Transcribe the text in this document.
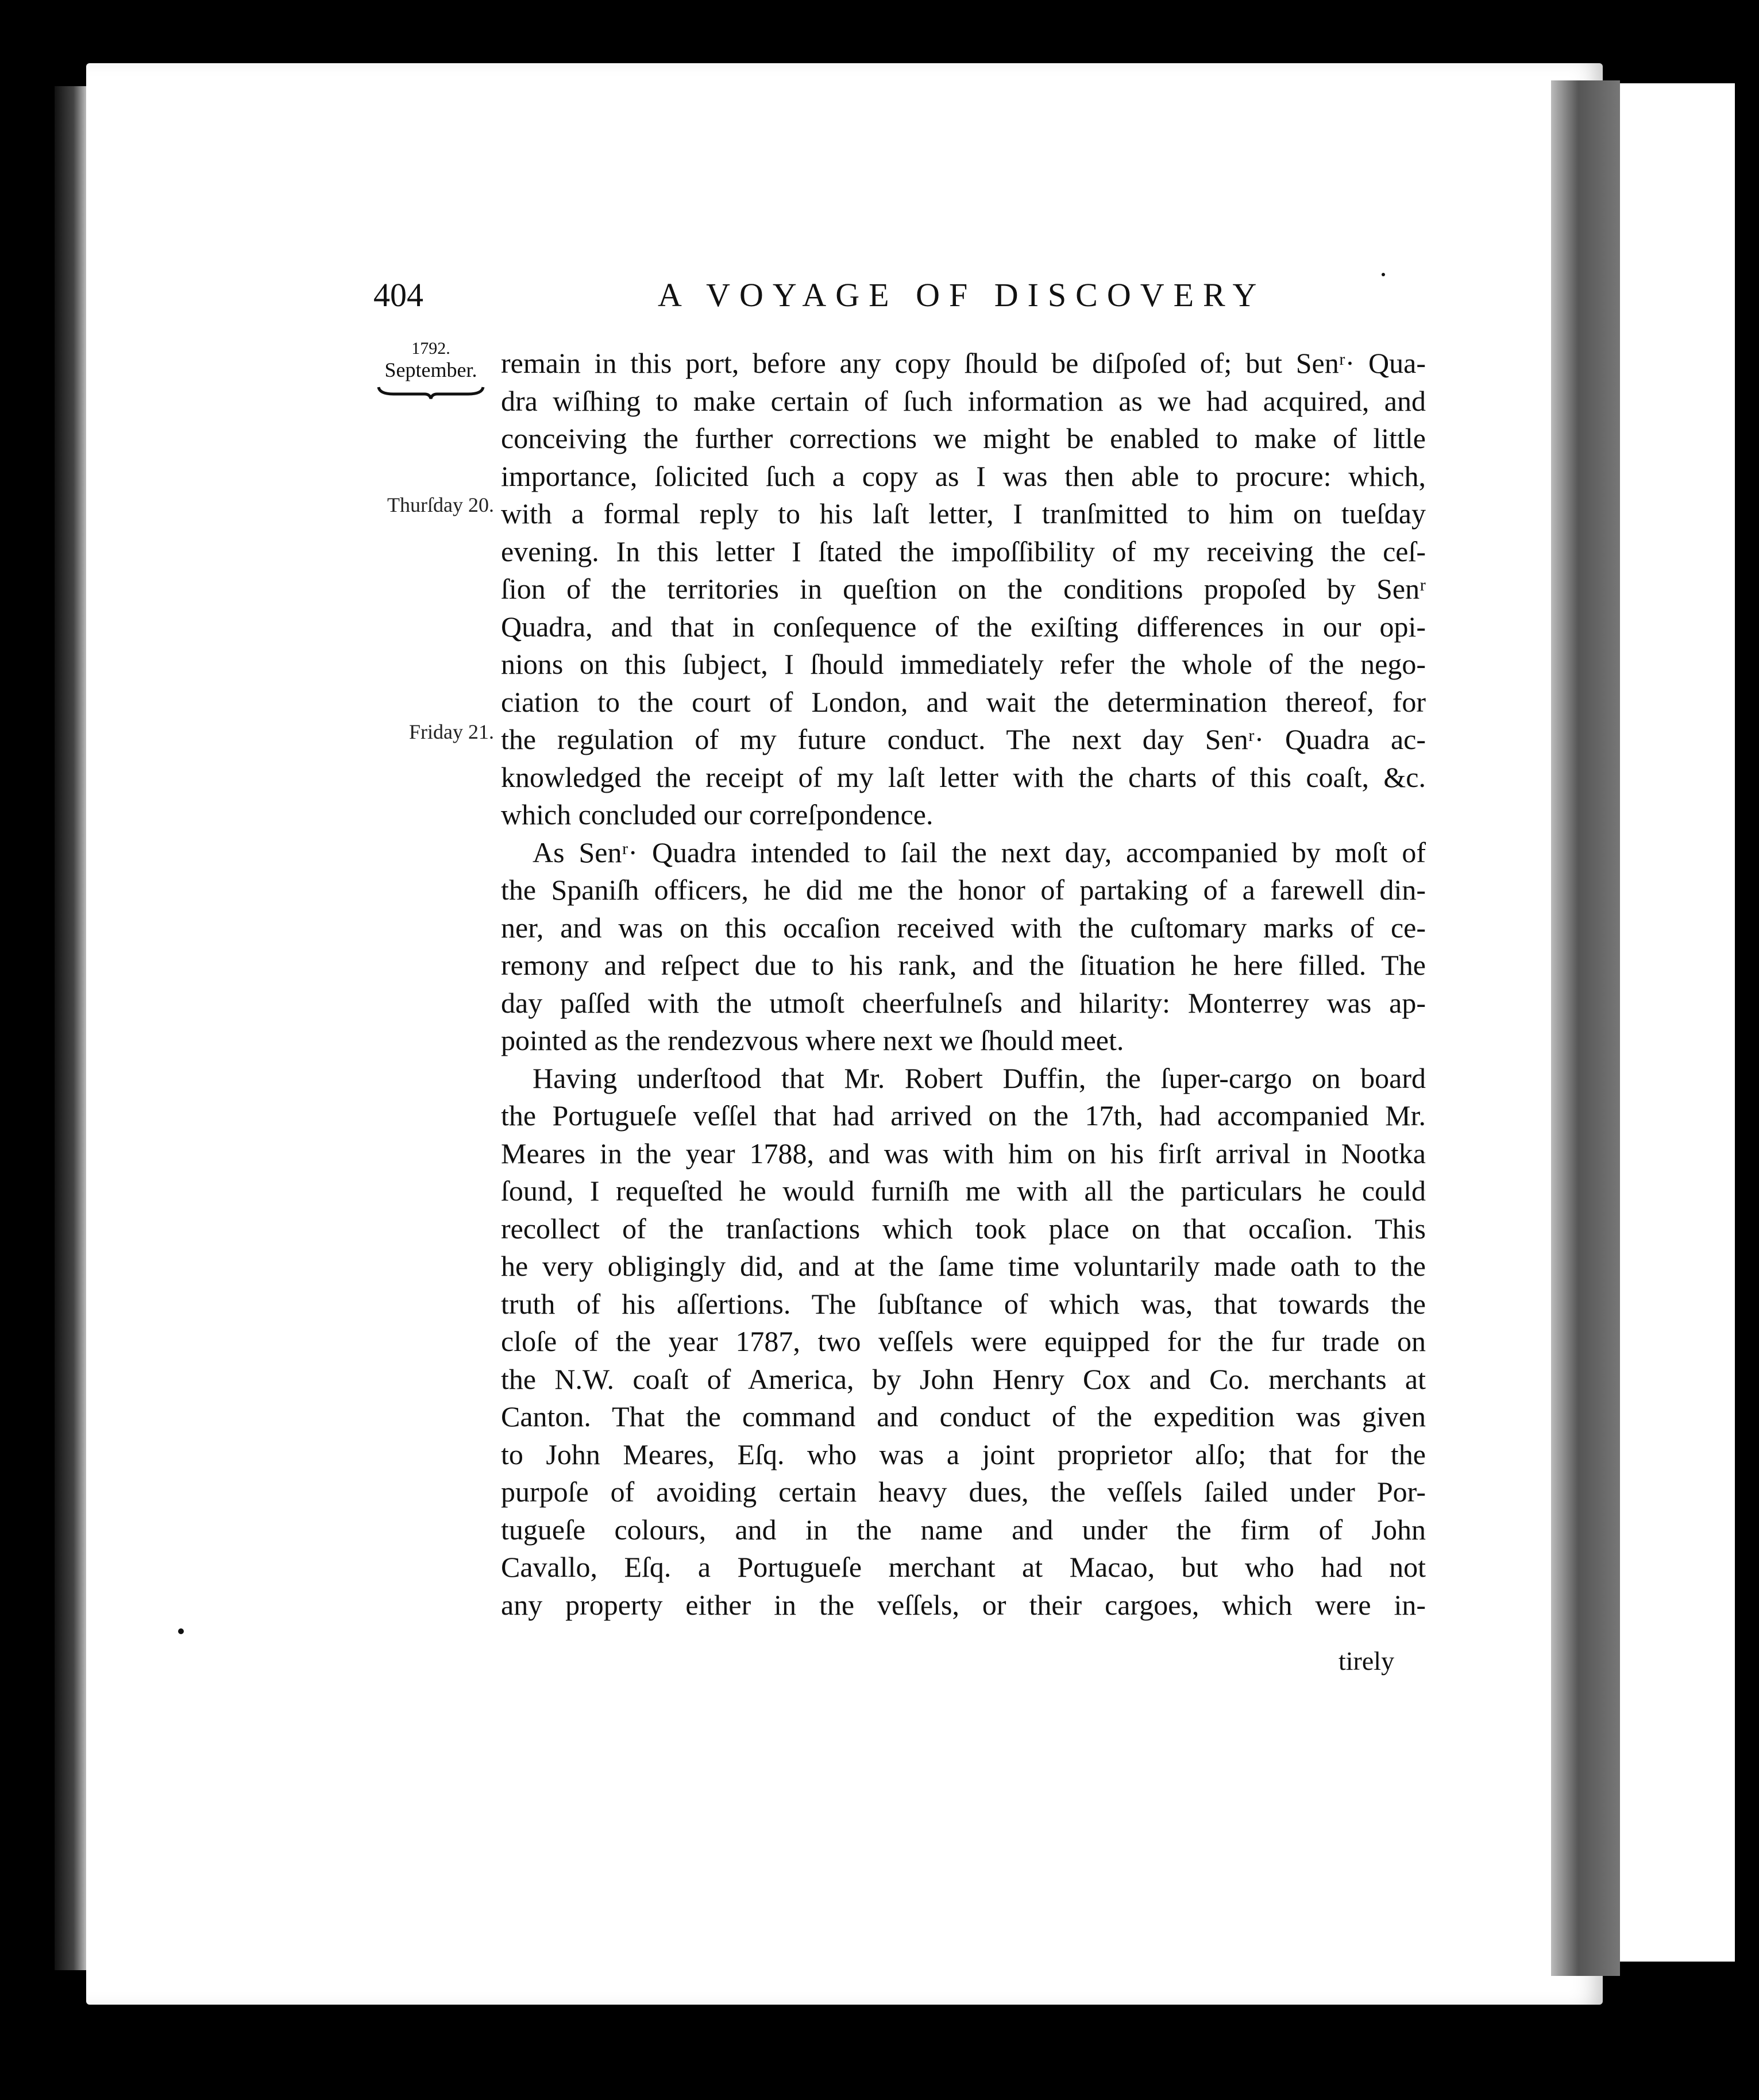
404	A VOYAGE OF DISCOVERY
1792.
September.
Thurſday 20.
Friday 21.
remain in this port, before any copy ſhould be diſpoſed of; but Senʳ· Qua-
dra wiſhing to make certain of ſuch information as we had acquired, and
conceiving the further corrections we might be enabled to make of little
importance, ſolicited ſuch a copy as I was then able to procure: which,
with a formal reply to his laſt letter, I tranſmitted to him on tueſday
evening. In this letter I ſtated the impoſſibility of my receiving the ceſ-
ſion of the territories in queſtion on the conditions propoſed by Senʳ
Quadra, and that in conſequence of the exiſting differences in our opi-
nions on this ſubject, I ſhould immediately refer the whole of the nego-
ciation to the court of London, and wait the determination thereof, for
the regulation of my future conduct. The next day Senʳ· Quadra ac-
knowledged the receipt of my laſt letter with the charts of this coaſt, &c.
which concluded our correſpondence.
As Senʳ· Quadra intended to ſail the next day, accompanied by moſt of
the Spaniſh officers, he did me the honor of partaking of a farewell din-
ner, and was on this occaſion received with the cuſtomary marks of ce-
remony and reſpect due to his rank, and the ſituation he here filled. The
day paſſed with the utmoſt cheerfulneſs and hilarity: Monterrey was ap-
pointed as the rendezvous where next we ſhould meet.
Having underſtood that Mr. Robert Duffin, the ſuper-cargo on board
the Portugueſe veſſel that had arrived on the 17th, had accompanied Mr.
Meares in the year 1788, and was with him on his firſt arrival in Nootka
ſound, I requeſted he would furniſh me with all the particulars he could
recollect of the tranſactions which took place on that occaſion. This
he very obligingly did, and at the ſame time voluntarily made oath to the
truth of his aſſertions. The ſubſtance of which was, that towards the
cloſe of the year 1787, two veſſels were equipped for the fur trade on
the N.W. coaſt of America, by John Henry Cox and Co. merchants at
Canton. That the command and conduct of the expedition was given
to John Meares, Eſq. who was a joint proprietor alſo; that for the
purpoſe of avoiding certain heavy dues, the veſſels ſailed under Por-
tugueſe colours, and in the name and under the firm of John
Cavallo, Eſq. a Portugueſe merchant at Macao, but who had not
any property either in the veſſels, or their cargoes, which were in-
tirely
